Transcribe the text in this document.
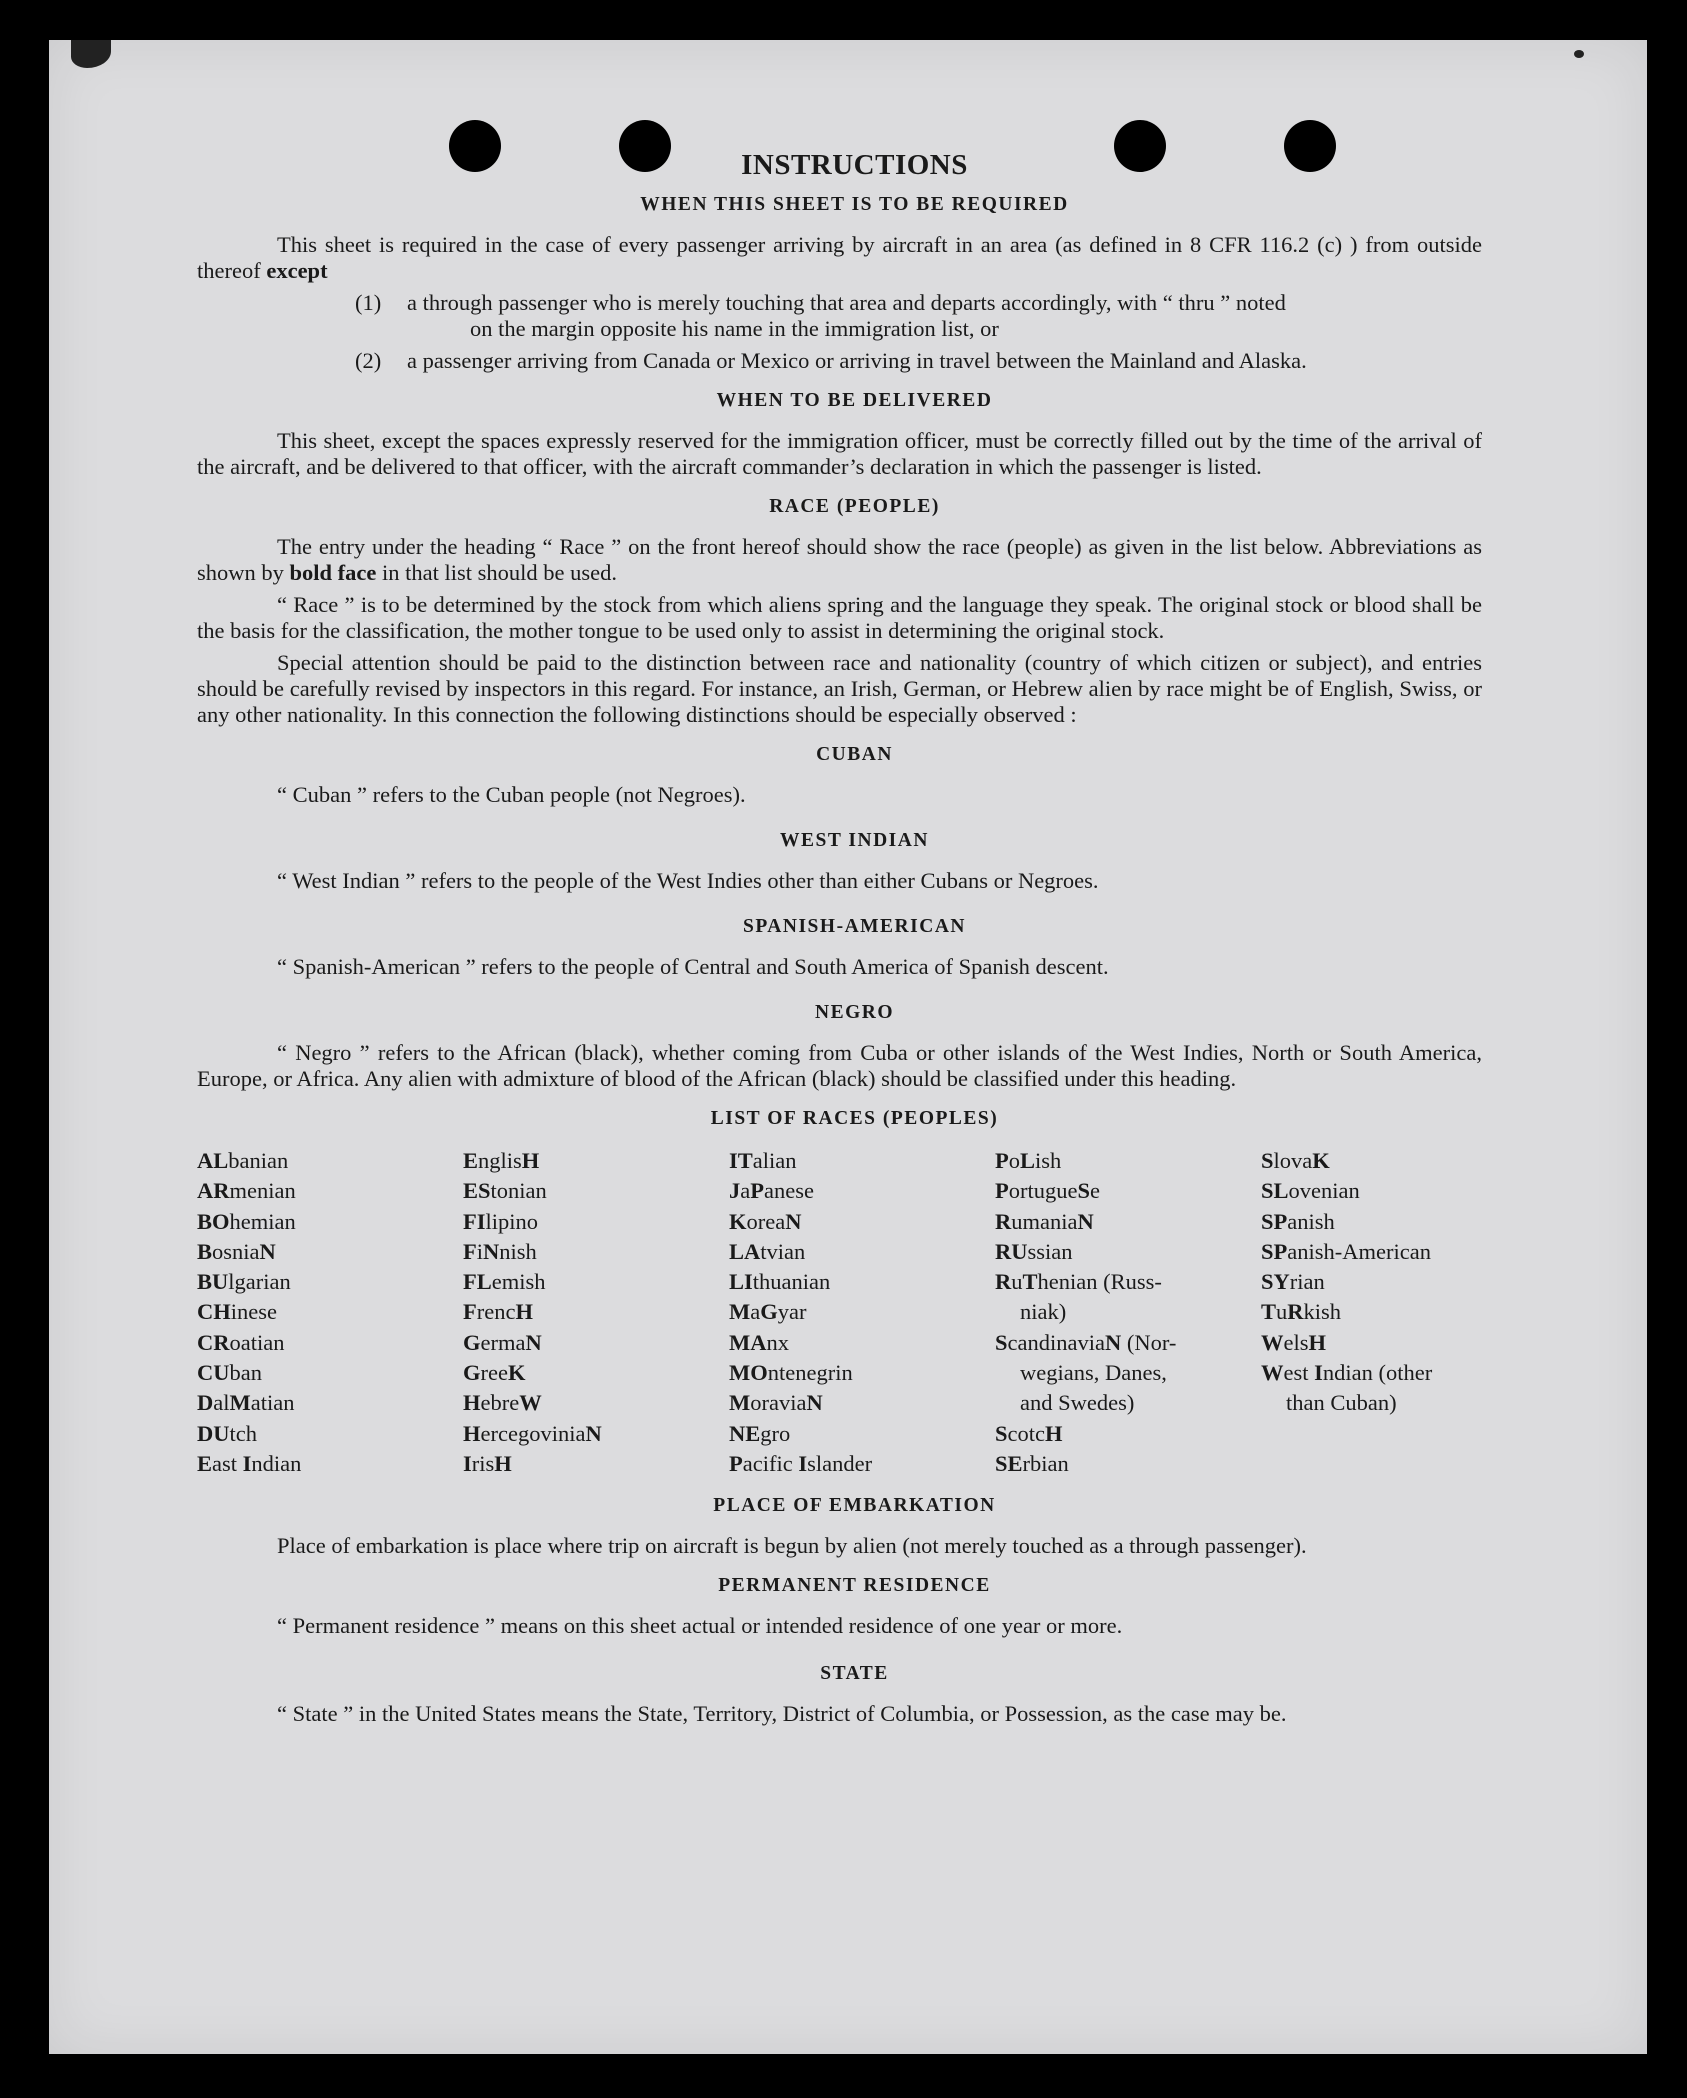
INSTRUCTIONS
WHEN THIS SHEET IS TO BE REQUIRED

This sheet is required in the case of every passenger arriving by aircraft in an area (as defined in 8 CFR 116.2 (c) ) from outside thereof except

(1) a through passenger who is merely touching that area and departs accordingly, with “ thru ” noted
on the margin opposite his name in the immigration list, or
(2) a passenger arriving from Canada or Mexico or arriving in travel between the Mainland and Alaska.
WHEN TO BE DELIVERED

This sheet, except the spaces expressly reserved for the immigration officer, must be correctly filled out by the time of the arrival of the aircraft, and be delivered to that officer, with the aircraft commander’s declaration in which the passenger is listed.

RACE (PEOPLE)

The entry under the heading “ Race ” on the front hereof should show the race (people) as given in the list below. Abbreviations as shown by bold face in that list should be used.

“ Race ” is to be determined by the stock from which aliens spring and the language they speak. The original stock or blood shall be the basis for the classification, the mother tongue to be used only to assist in determining the original stock.

Special attention should be paid to the distinction between race and nationality (country of which citizen or subject), and entries should be carefully revised by inspectors in this regard. For instance, an Irish, German, or Hebrew alien by race might be of English, Swiss, or any other nationality. In this connection the following distinctions should be especially observed :

CUBAN

“ Cuban ” refers to the Cuban people (not Negroes).

WEST INDIAN

“ West Indian ” refers to the people of the West Indies other than either Cubans or Negroes.

SPANISH-AMERICAN

“ Spanish-American ” refers to the people of Central and South America of Spanish descent.

NEGRO

“ Negro ” refers to the African (black), whether coming from Cuba or other islands of the West Indies, North or South America, Europe, or Africa. Any alien with admixture of blood of the African (black) should be classified under this heading.

LIST OF RACES (PEOPLES)
ALbanian
ARmenian
BOhemian
BosniaN
BUlgarian
CHinese
CRoatian
CUban
DalMatian
DUtch
East Indian
EnglisH
EStonian
FIlipino
FiNnish
FLemish
FrencH
GermaN
GreeK
HebreW
HercegoviniaN
IrisH
ITalian
JaPanese
KoreaN
LAtvian
LIthuanian
MaGyar
MAnx
MOntenegrin
MoraviaN
NEgro
Pacific Islander
PoLish
PortugueSe
RumaniaN
RUssian
RuThenian (Russ-
niak)
ScandinaviaN (Nor-
wegians, Danes,
and Swedes)
ScotcH
SErbian
SlovaK
SLovenian
SPanish
SPanish-American
SYrian
TuRkish
WelsH
West Indian (other
than Cuban)
PLACE OF EMBARKATION

Place of embarkation is place where trip on aircraft is begun by alien (not merely touched as a through passenger).

PERMANENT RESIDENCE

“ Permanent residence ” means on this sheet actual or intended residence of one year or more.

STATE

“ State ” in the United States means the State, Territory, District of Columbia, or Possession, as the case may be.
